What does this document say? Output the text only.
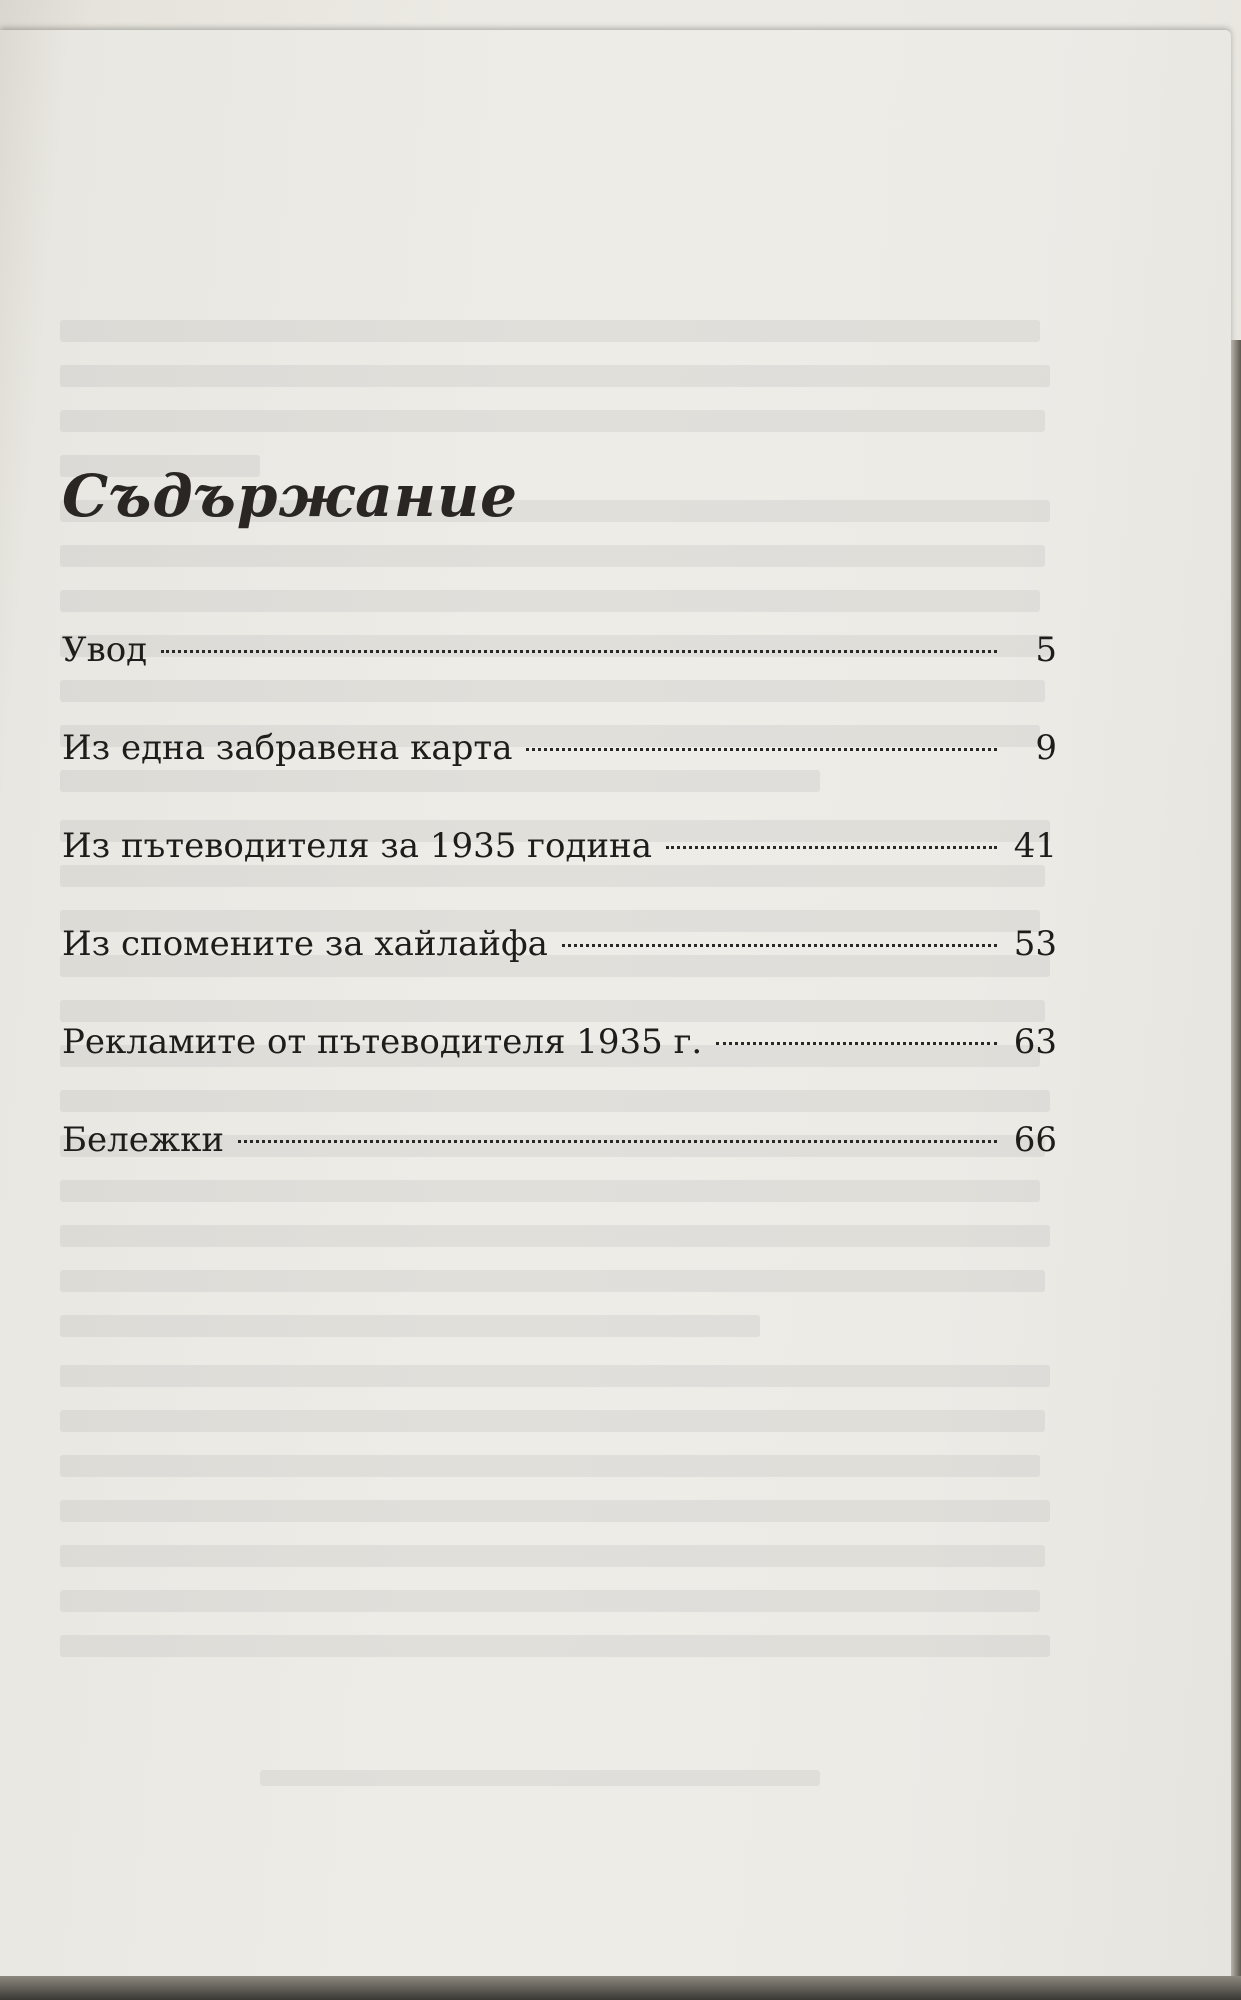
Съдържание
Увод	5
Из една забравена карта	9
Из пътеводителя за 1935 година	41
Из спомените за хайлайфа	53
Рекламите от пътеводителя 1935 г.	63
Бележки	66
